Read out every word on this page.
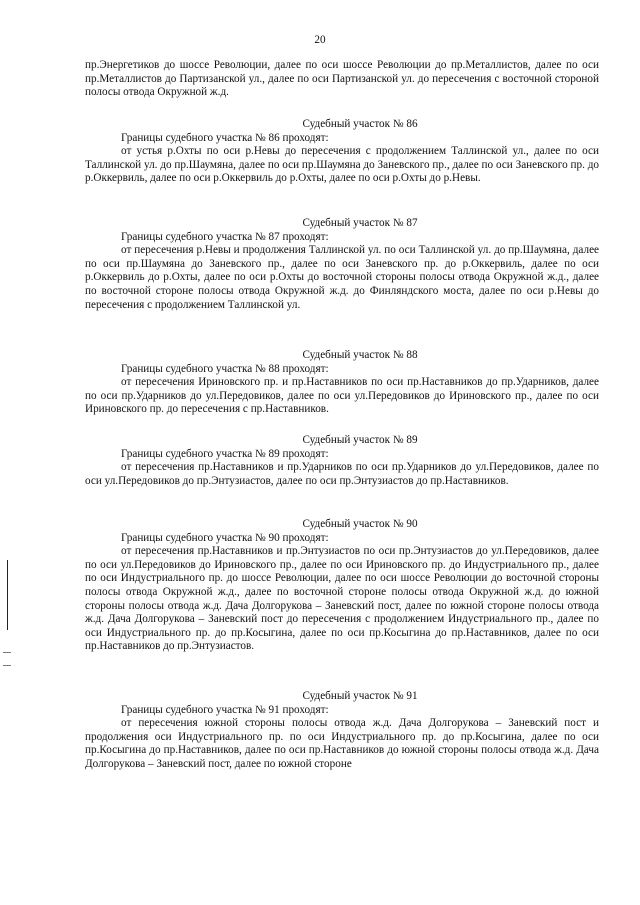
20

пр.Энергетиков до шоссе Революции, далее по оси шоссе Революции до пр.Металлистов, далее по оси пр.Металлистов до Партизанской ул., далее по оси Партизанской ул. до пересечения с восточной стороной полосы отвода Окружной ж.д.

Судебный участок № 86

Границы судебного участка № 86 проходят:

от устья р.Охты по оси р.Невы до пересечения с продолжением Таллинской ул., далее по оси Таллинской ул. до пр.Шаумяна, далее по оси пр.Шаумяна до Заневского пр., далее по оси Заневского пр. до р.Оккервиль, далее по оси р.Оккервиль до р.Охты, далее по оси р.Охты до р.Невы.

Судебный участок № 87

Границы судебного участка № 87 проходят:

от пересечения р.Невы и продолжения Таллинской ул. по оси Таллинской ул. до пр.Шаумяна, далее по оси пр.Шаумяна до Заневского пр., далее по оси Заневского пр. до р.Оккервиль, далее по оси р.Оккервиль до р.Охты, далее по оси р.Охты до восточной стороны полосы отвода Окружной ж.д., далее по восточной стороне полосы отвода Окружной ж.д. до Финляндского моста, далее по оси р.Невы до пересечения с продолжением Таллинской ул.

Судебный участок № 88

Границы судебного участка № 88 проходят:

от пересечения Ириновского пр. и пр.Наставников по оси пр.Наставников до пр.Ударников, далее по оси пр.Ударников до ул.Передовиков, далее по оси ул.Передовиков до Ириновского пр., далее по оси Ириновского пр. до пересечения с пр.Наставников.

Судебный участок № 89

Границы судебного участка № 89 проходят:

от пересечения пр.Наставников и пр.Ударников по оси пр.Ударников до ул.Передовиков, далее по оси ул.Передовиков до пр.Энтузиастов, далее по оси пр.Энтузиастов до пр.Наставников.

Судебный участок № 90

Границы судебного участка № 90 проходят:

от пересечения пр.Наставников и пр.Энтузиастов по оси пр.Энтузиастов до ул.Передовиков, далее по оси ул.Передовиков до Ириновского пр., далее по оси Ириновского пр. до Индустриального пр., далее по оси Индустриального пр. до шоссе Революции, далее по оси шоссе Революции до восточной стороны полосы отвода Окружной ж.д., далее по восточной стороне полосы отвода Окружной ж.д. до южной стороны полосы отвода ж.д. Дача Долгорукова – Заневский пост, далее по южной стороне полосы отвода ж.д. Дача Долгорукова – Заневский пост до пересечения с продолжением Индустриального пр., далее по оси Индустриального пр. до пр.Косыгина, далее по оси пр.Косыгина до пр.Наставников, далее по оси пр.Наставников до пр.Энтузиастов.

Судебный участок № 91

Границы судебного участка № 91 проходят:

от пересечения южной стороны полосы отвода ж.д. Дача Долгорукова – Заневский пост и продолжения оси Индустриального пр. по оси Индустриального пр. до пр.Косыгина, далее по оси пр.Косыгина до пр.Наставников, далее по оси пр.Наставников до южной стороны полосы отвода ж.д. Дача Долгорукова – Заневский пост, далее по южной стороне
